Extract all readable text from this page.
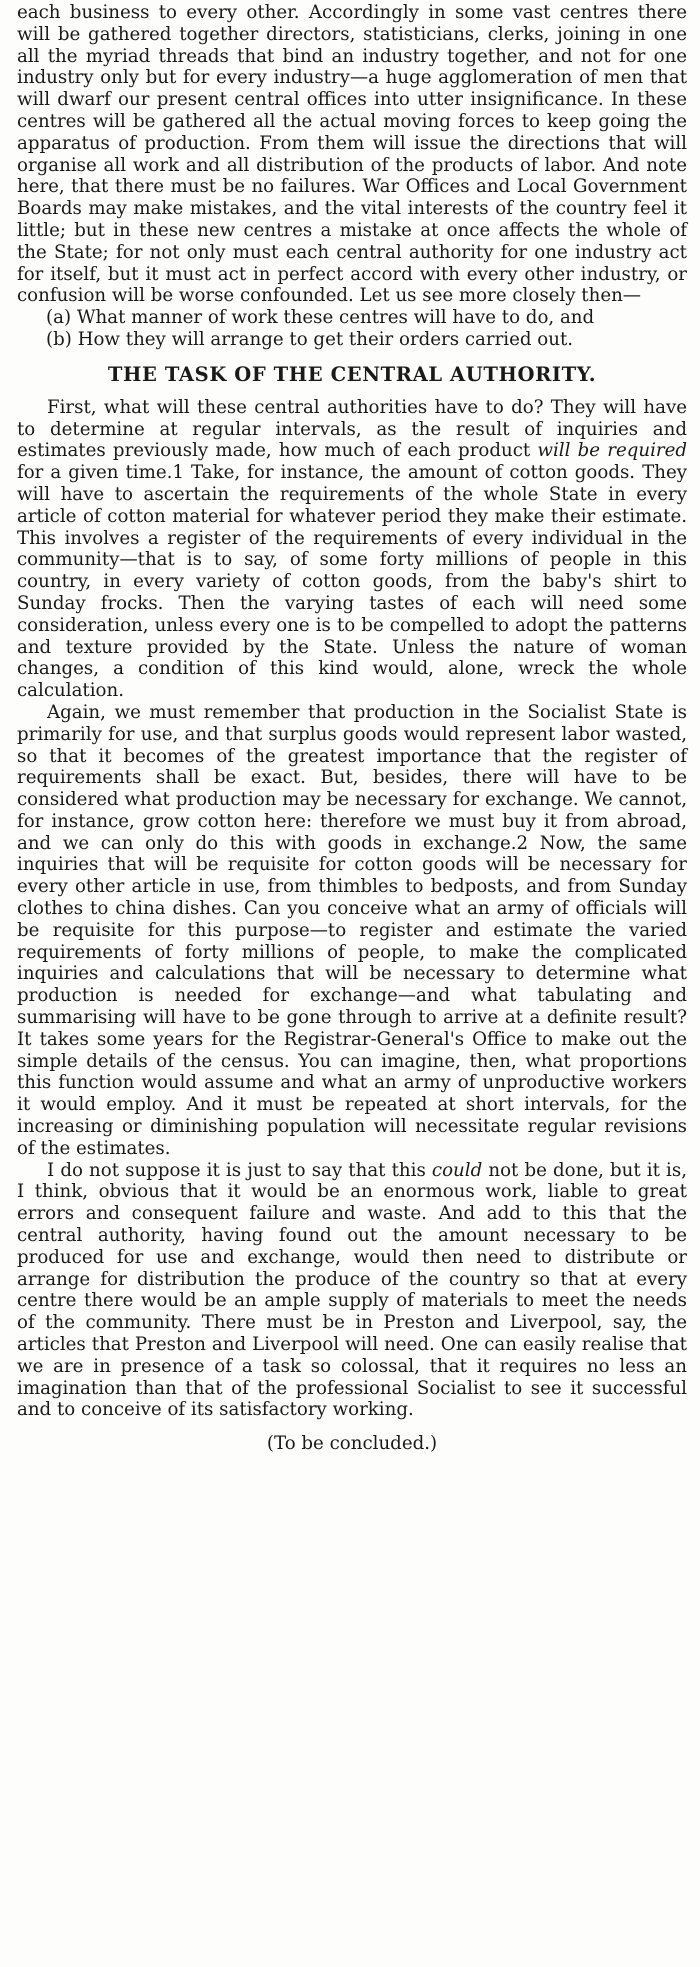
each business to every other. Accordingly in some vast centres there will be gathered together directors, statisticians, clerks, joining in one all the myriad threads that bind an industry together, and not for one industry only but for every industry—a huge agglomeration of men that will dwarf our present central offices into utter insignificance. In these centres will be gathered all the actual moving forces to keep going the apparatus of production. From them will issue the directions that will organise all work and all distribution of the products of labor. And note here, that there must be no failures. War Offices and Local Government Boards may make mistakes, and the vital interests of the country feel it little; but in these new centres a mistake at once affects the whole of the State; for not only must each central authority for one industry act for itself, but it must act in perfect accord with every other industry, or confusion will be worse confounded. Let us see more closely then—

(a) What manner of work these centres will have to do, and

(b) How they will arrange to get their orders carried out.

THE TASK OF THE CENTRAL AUTHORITY.

First, what will these central authorities have to do? They will have to determine at regular intervals, as the result of inquiries and estimates previously made, how much of each product will be required for a given time.1 Take, for instance, the amount of cotton goods. They will have to ascertain the requirements of the whole State in every article of cotton material for whatever period they make their estimate. This involves a register of the requirements of every individual in the community—that is to say, of some forty millions of people in this country, in every variety of cotton goods, from the baby's shirt to Sunday frocks. Then the varying tastes of each will need some consideration, unless every one is to be compelled to adopt the patterns and texture provided by the State. Unless the nature of woman changes, a condition of this kind would, alone, wreck the whole calculation.

Again, we must remember that production in the Socialist State is primarily for use, and that surplus goods would represent labor wasted, so that it becomes of the greatest importance that the register of requirements shall be exact. But, besides, there will have to be considered what production may be necessary for exchange. We cannot, for instance, grow cotton here: therefore we must buy it from abroad, and we can only do this with goods in exchange.2 Now, the same inquiries that will be requisite for cotton goods will be necessary for every other article in use, from thimbles to bedposts, and from Sunday clothes to china dishes. Can you conceive what an army of officials will be requisite for this purpose—to register and estimate the varied requirements of forty millions of people, to make the complicated inquiries and calculations that will be necessary to determine what production is needed for exchange—and what tabulating and summarising will have to be gone through to arrive at a definite result? It takes some years for the Registrar-General's Office to make out the simple details of the census. You can imagine, then, what proportions this function would assume and what an army of unproductive workers it would employ. And it must be repeated at short intervals, for the increasing or diminishing population will necessitate regular revisions of the estimates.

I do not suppose it is just to say that this could not be done, but it is, I think, obvious that it would be an enormous work, liable to great errors and consequent failure and waste. And add to this that the central authority, having found out the amount necessary to be produced for use and exchange, would then need to distribute or arrange for distribution the produce of the country so that at every centre there would be an ample supply of materials to meet the needs of the community. There must be in Preston and Liverpool, say, the articles that Preston and Liverpool will need. One can easily realise that we are in presence of a task so colossal, that it requires no less an imagination than that of the professional Socialist to see it successful and to conceive of its satisfactory working.

(To be concluded.)
